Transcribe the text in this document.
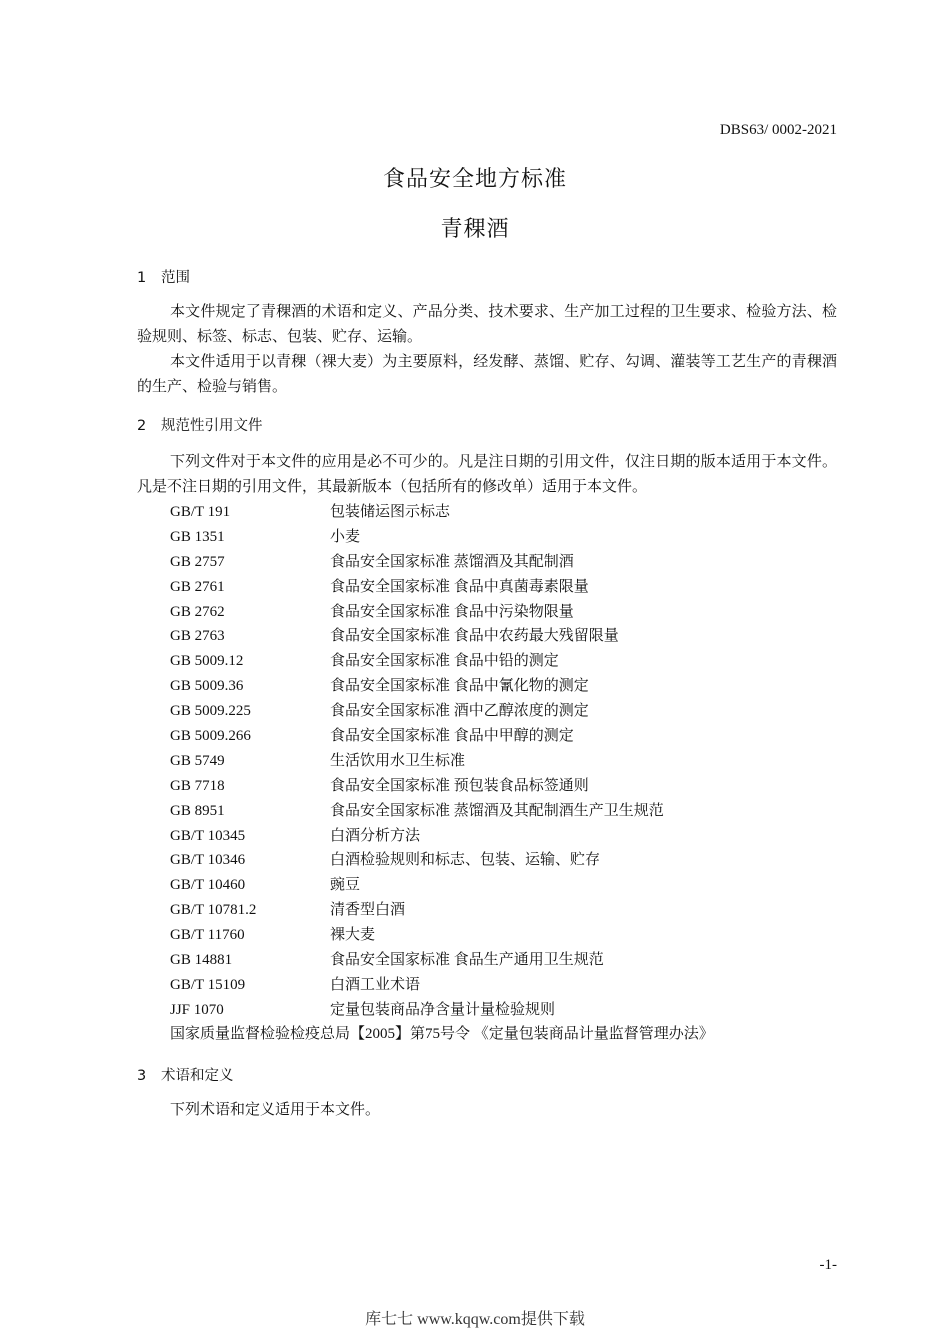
DBS63/ 0002-2021
食品安全地方标准
青稞酒
1 范围
本文件规定了青稞酒的术语和定义、产品分类、技术要求、生产加工过程的卫生要求、检验方法、检验规则、标签、标志、包装、贮存、运输。
本文件适用于以青稞（裸大麦）为主要原料，经发酵、蒸馏、贮存、勾调、灌装等工艺生产的青稞酒的生产、检验与销售。
2 规范性引用文件
下列文件对于本文件的应用是必不可少的。凡是注日期的引用文件，仅注日期的版本适用于本文件。凡是不注日期的引用文件，其最新版本（包括所有的修改单）适用于本文件。
GB/T 191	包装储运图示标志
GB 1351	小麦
GB 2757	食品安全国家标准 蒸馏酒及其配制酒
GB 2761	食品安全国家标准 食品中真菌毒素限量
GB 2762	食品安全国家标准 食品中污染物限量
GB 2763	食品安全国家标准 食品中农药最大残留限量
GB 5009.12	食品安全国家标准 食品中铅的测定
GB 5009.36	食品安全国家标准 食品中氰化物的测定
GB 5009.225	食品安全国家标准 酒中乙醇浓度的测定
GB 5009.266	食品安全国家标准 食品中甲醇的测定
GB 5749	生活饮用水卫生标准
GB 7718	食品安全国家标准 预包装食品标签通则
GB 8951	食品安全国家标准 蒸馏酒及其配制酒生产卫生规范
GB/T 10345	白酒分析方法
GB/T 10346	白酒检验规则和标志、包装、运输、贮存
GB/T 10460	豌豆
GB/T 10781.2	清香型白酒
GB/T 11760	裸大麦
GB 14881	食品安全国家标准 食品生产通用卫生规范
GB/T 15109	白酒工业术语
JJF 1070	定量包装商品净含量计量检验规则
国家质量监督检验检疫总局【2005】第75号令 《定量包装商品计量监督管理办法》
3 术语和定义
下列术语和定义适用于本文件。
-1-
库七七 www.kqqw.com提供下载
